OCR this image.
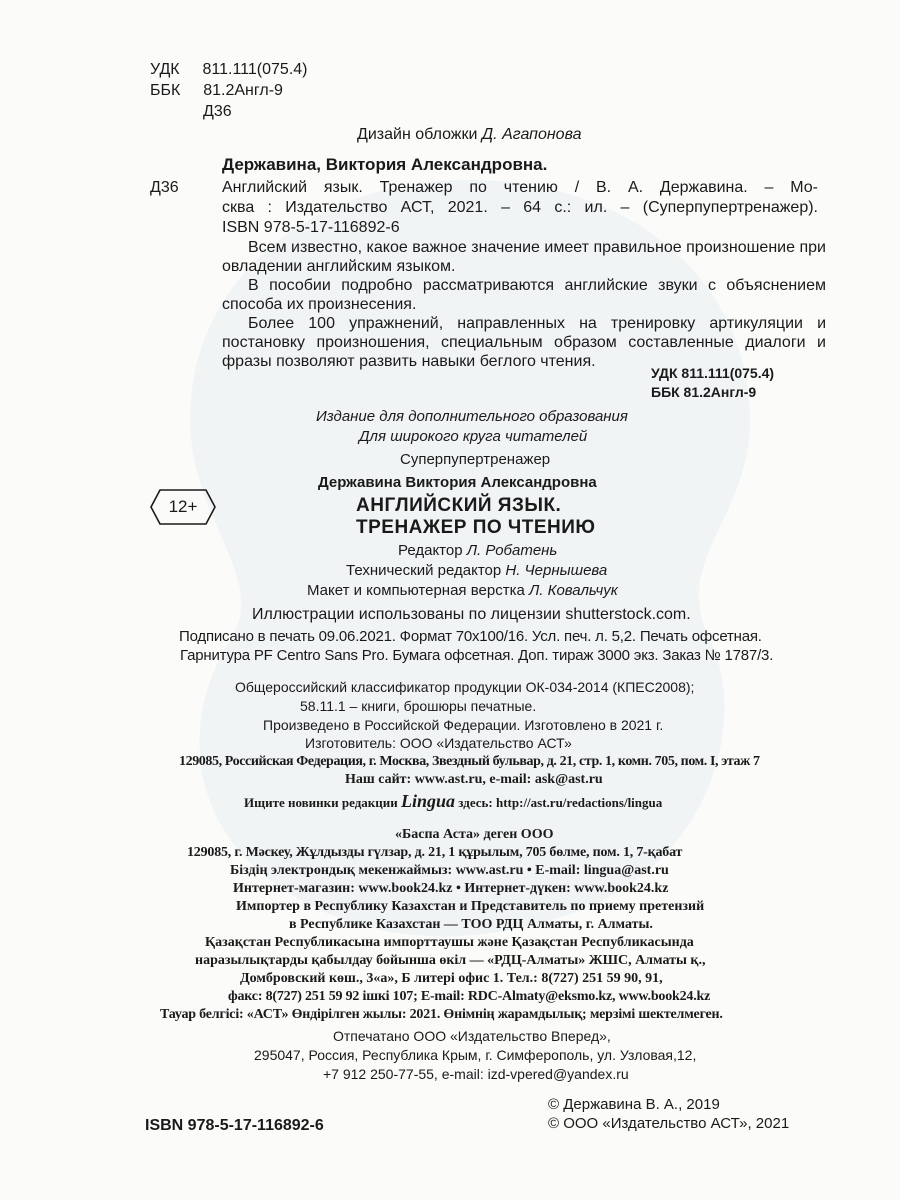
УДК 811.111(075.4)
ББК 81.2Англ-9
Д36
Дизайн обложки Д. Агапонова
Державина, Виктория Александровна.
Д36	Английский язык. Тренажер по чтению / В. А. Державина. – Мо-
сква : Издательство АСТ, 2021. – 64 с.: ил. – (Суперпупертренажер).
ISBN 978-5-17-116892-6

Всем известно, какое важное значение имеет правильное произношение при овладении английским языком.

В пособии подробно рассматриваются английские звуки с объяснением способа их произнесения.

Более 100 упражнений, направленных на тренировку артикуляции и постановку произношения, специальным образом составленные диалоги и фразы позволяют развить навыки беглого чтения.

УДК 811.111(075.4)
ББК 81.2Англ-9
Издание для дополнительного образования
Для широкого круга читателей
Суперпупертренажер
Державина Виктория Александровна
12+	АНГЛИЙСКИЙ ЯЗЫК.
ТРЕНАЖЕР ПО ЧТЕНИЮ
Редактор Л. Робатень
Технический редактор Н. Чернышева
Макет и компьютерная верстка Л. Ковальчук
Иллюстрации использованы по лицензии shutterstock.com.
Подписано в печать 09.06.2021. Формат 70x100/16. Усл. печ. л. 5,2. Печать офсетная.
Гарнитура PF Centro Sans Pro. Бумага офсетная. Доп. тираж 3000 экз. Заказ № 1787/3.
Общероссийский классификатор продукции ОК-034-2014 (КПЕС2008);
58.11.1 – книги, брошюры печатные.
Произведено в Российской Федерации. Изготовлено в 2021 г.
Изготовитель: ООО «Издательство АСТ»
129085, Российская Федерация, г. Москва, Звездный бульвар, д. 21, стр. 1, комн. 705, пом. I, этаж 7
Наш сайт: www.ast.ru, e-mail: ask@ast.ru
Ищите новинки редакции Lingua здесь: http://ast.ru/redactions/lingua
«Баспа Аста» деген ООО
129085, г. Мәскеу, Жұлдызды гүлзар, д. 21, 1 құрылым, 705 бөлме, пом. 1, 7-қабат
Біздің электрондық мекенжаймыз: www.ast.ru • E-mail: lingua@ast.ru
Интернет-магазин: www.book24.kz • Интернет-дүкен: www.book24.kz
Импортер в Республику Казахстан и Представитель по приему претензий
в Республике Казахстан — ТОО РДЦ Алматы, г. Алматы.
Қазақстан Республикасына импорттаушы және Қазақстан Республикасында
наразылықтарды қабылдау бойынша өкіл — «РДЦ-Алматы» ЖШС, Алматы қ.,
Домбровский көш., 3«а», Б литері офис 1. Тел.: 8(727) 251 59 90, 91,
факс: 8(727) 251 59 92 ішкі 107; E-mail: RDC-Almaty@eksmo.kz, www.book24.kz
Тауар белгісі: «АСТ» Өндірілген жылы: 2021. Өнімнің жарамдылық; мерзімі шектелмеген.
Отпечатано ООО «Издательство Вперед»,
295047, Россия, Республика Крым, г. Симферополь, ул. Узловая,12,
+7 912 250-77-55, e-mail: izd-vpered@yandex.ru
ISBN 978-5-17-116892-6
© Державина В. А., 2019
© ООО «Издательство АСТ», 2021
